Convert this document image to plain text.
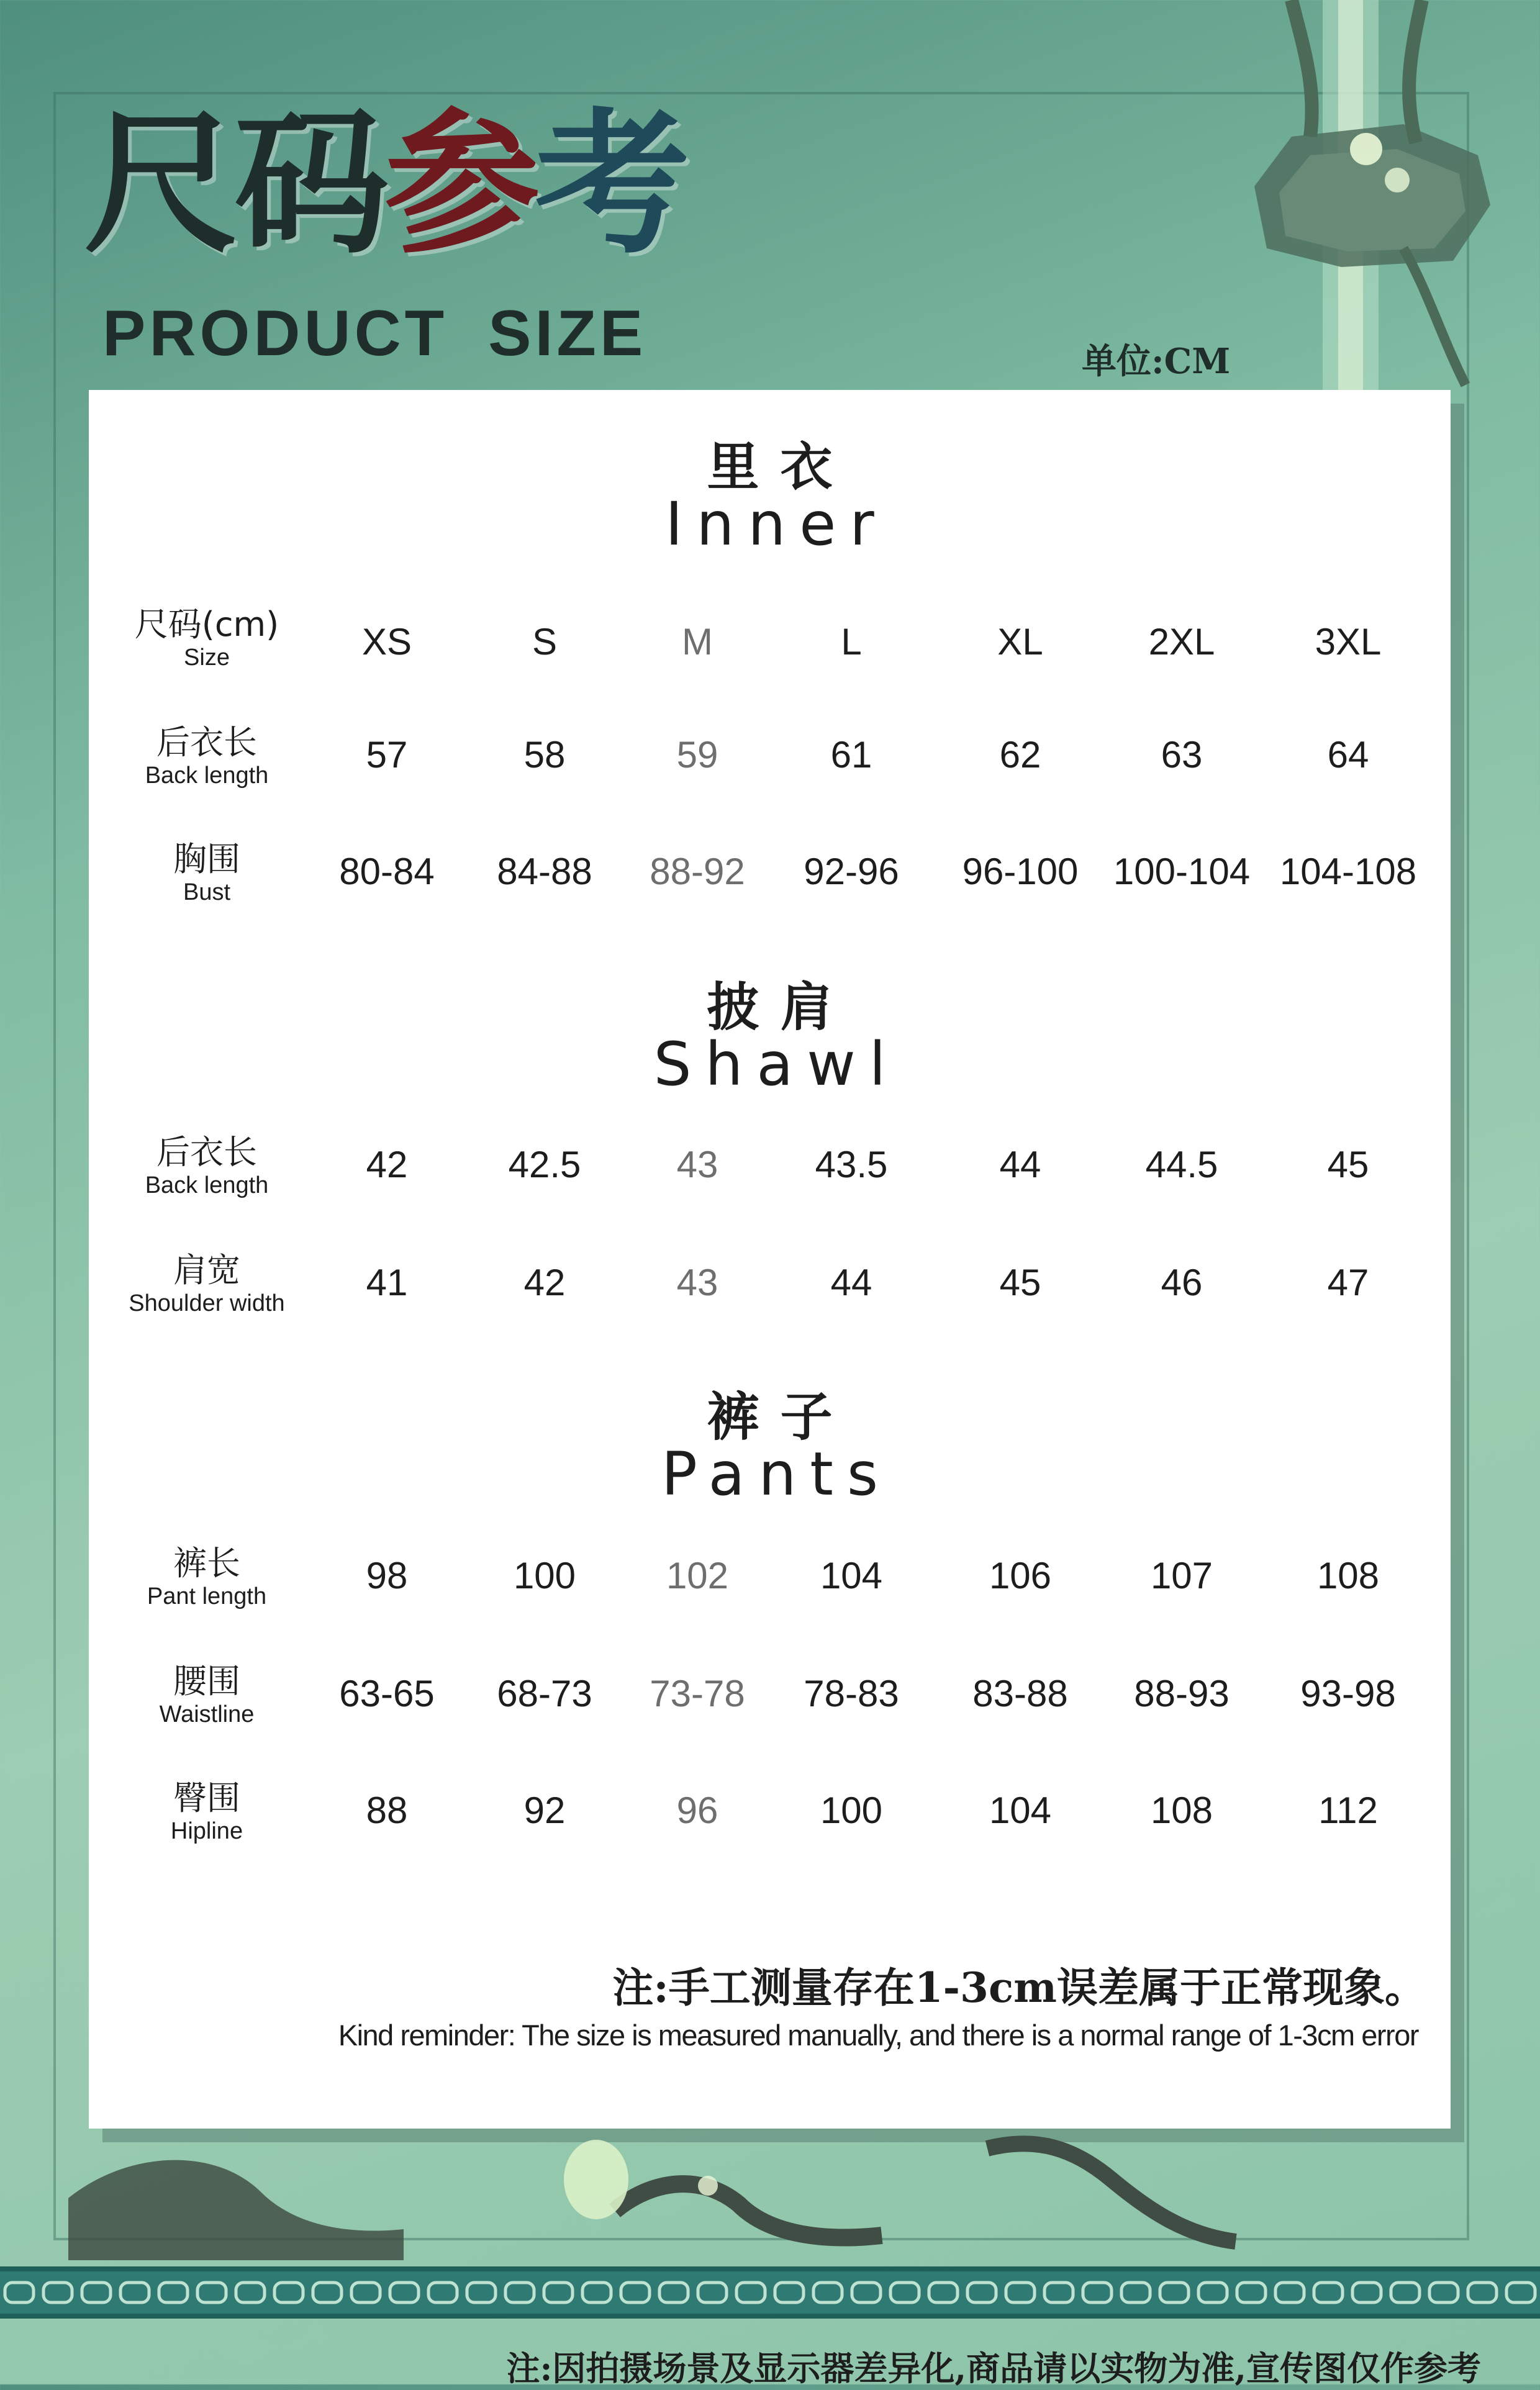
尺码参考
PRODUCT SIZE	单位:CM
里衣
Inner
尺码(cm)
Size	XS	S	M	L	XL	2XL	3XL
后衣长
Back length	57	58	59	61	62	63	64
胸围
Bust	80-84	84-88	88-92	92-96	96-100 100-104 104-108
披肩
Shawl
后衣长
Back length	42	42.5	43	43.5	44	44.5	45
肩宽
Shoulder width	41	42	43	44	45	46	47
裤子
Pants
裤长
Pant length	98	100	102	104	106	107	108
腰围
Waistline	63-65	68-73	73-78	78-83	83-88	88-93	93-98
臀围
Hipline	88	92	96	100	104	108	112
注:手工测量存在1-3cm误差属于正常现象。
Kind reminder: The size is measured manually, and there is a normal range of 1-3cm error
注:因拍摄场景及显示器差异化,商品请以实物为准,宣传图仅作参考
